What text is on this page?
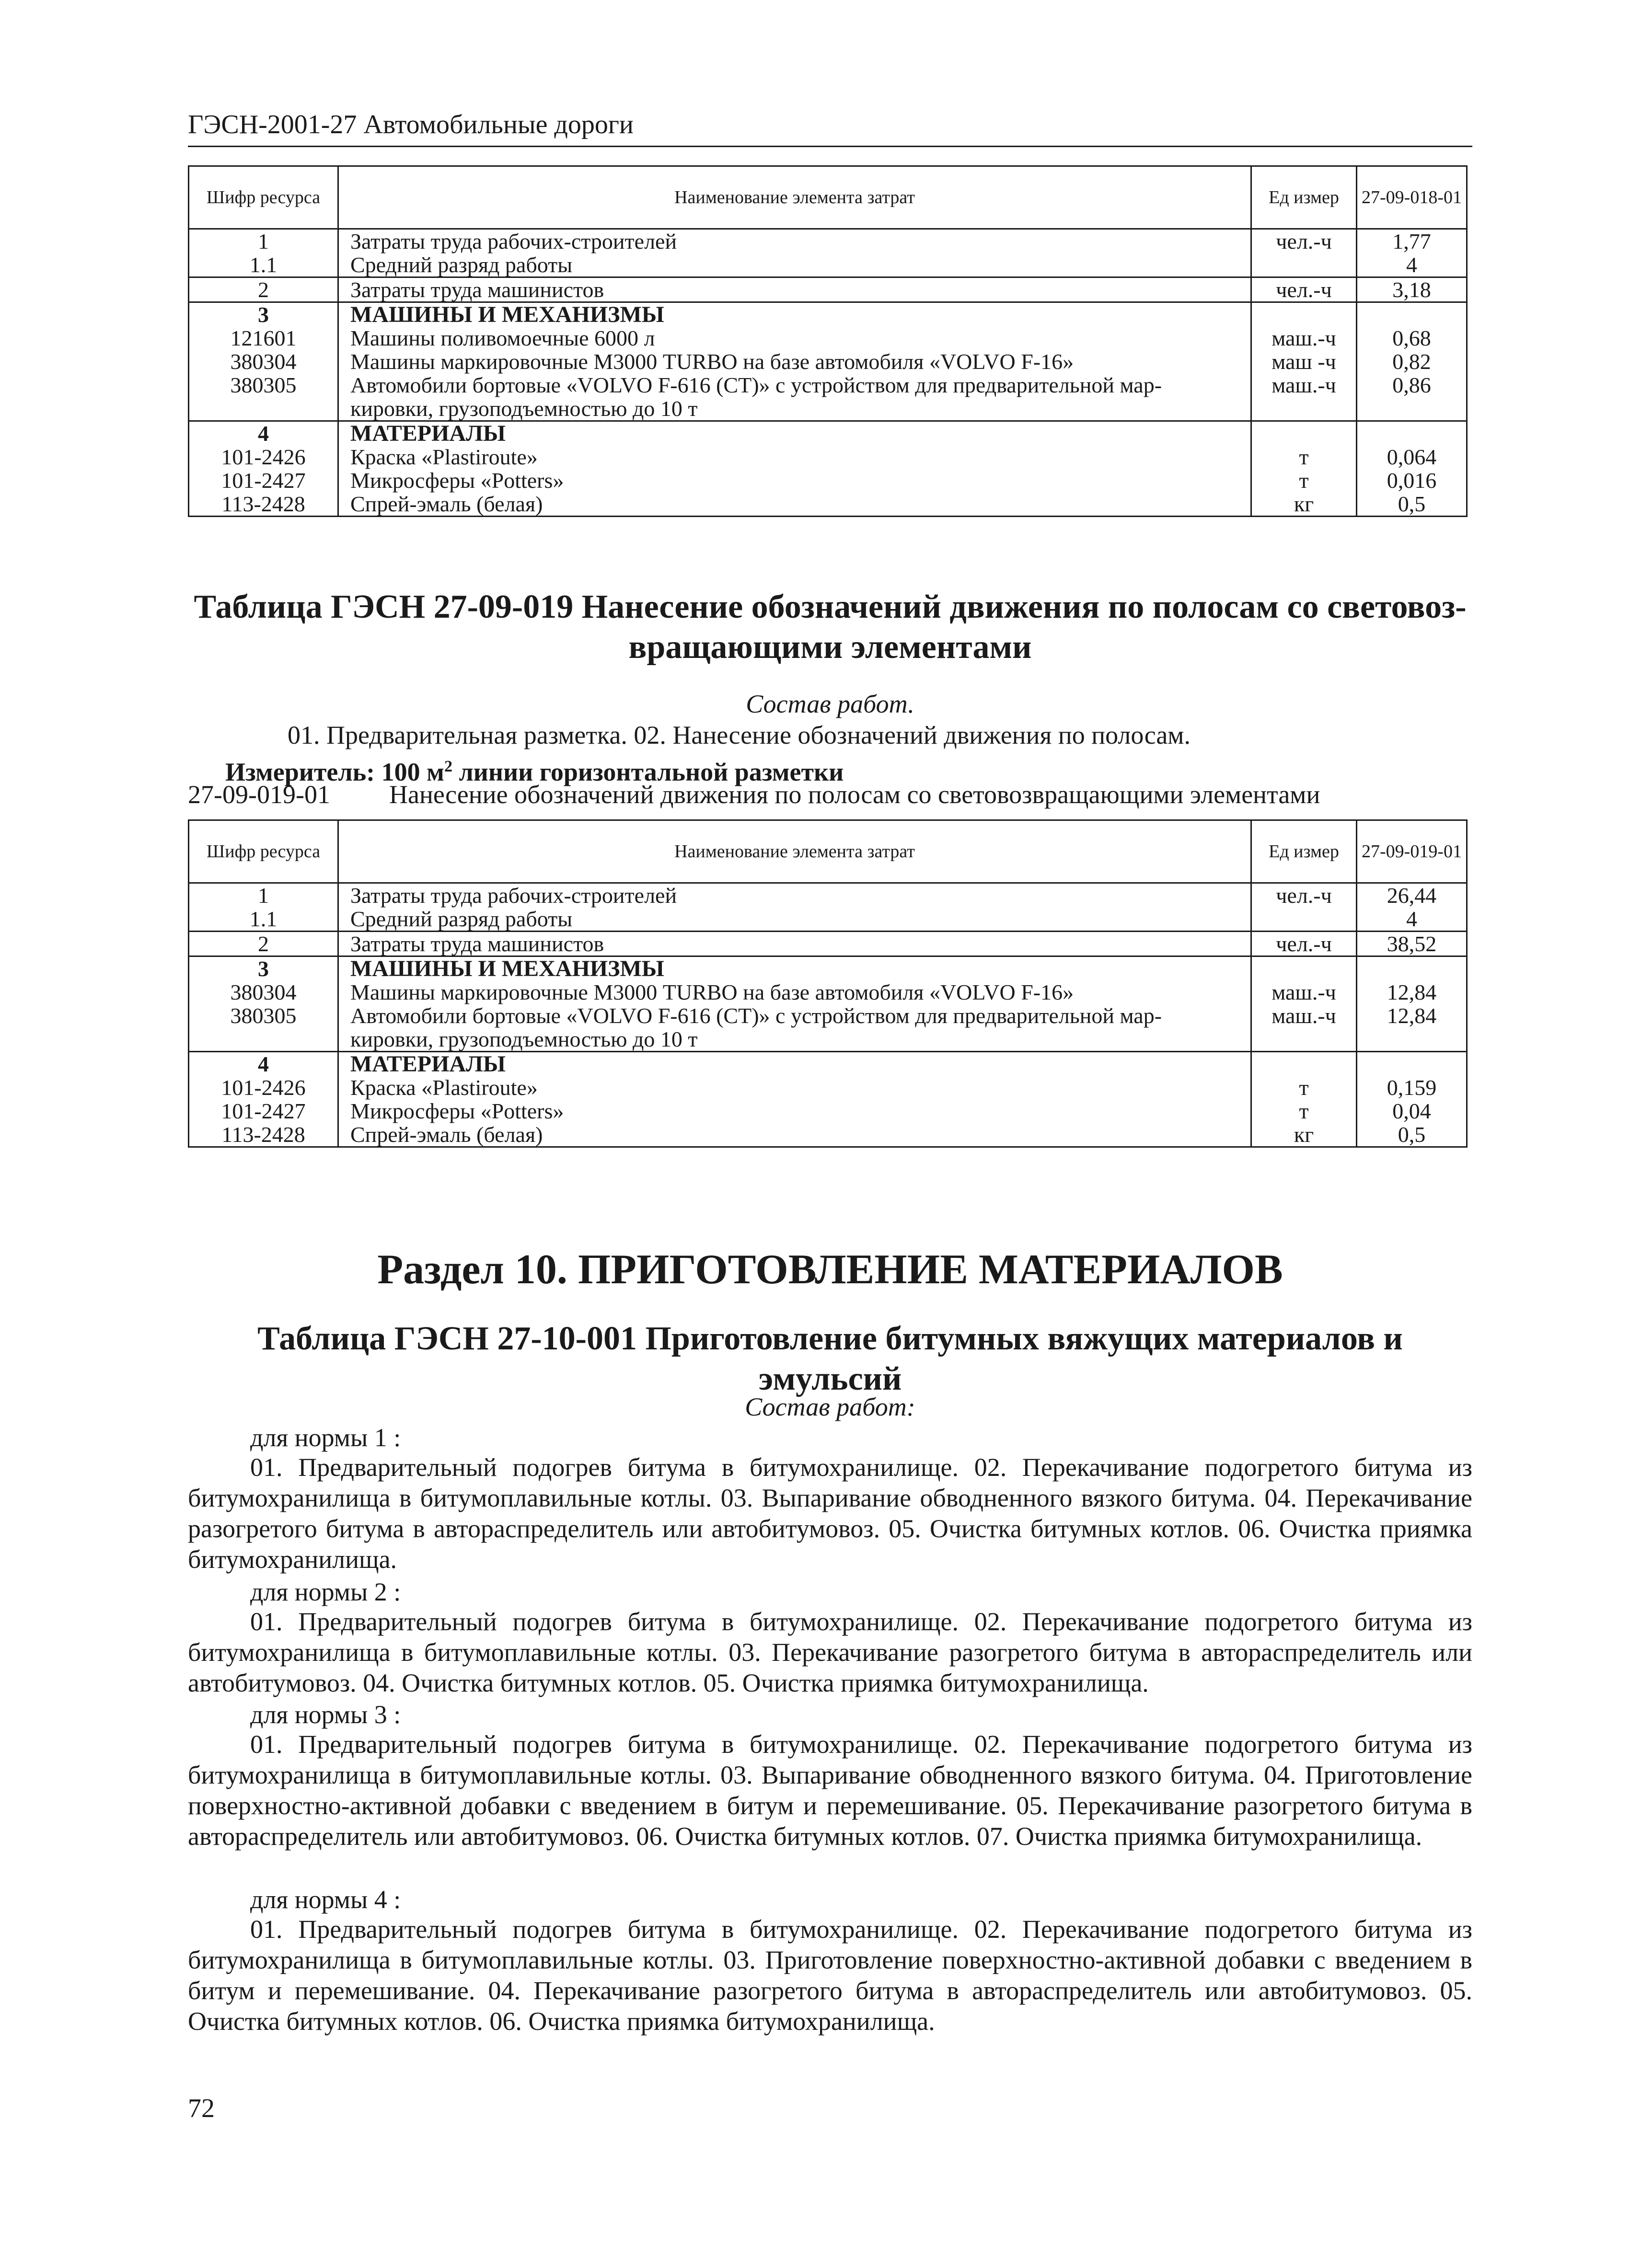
ГЭСН-2001-27 Автомобильные дороги
Шифр ресурса	Наименование элемента затрат	Ед измер	27-09-018-01
1	Затраты труда рабочих-строителей	чел.-ч	1,77
1.1	Средний разряд работы		4
2	Затраты труда машинистов	чел.-ч	3,18
3	МАШИНЫ И МЕХАНИЗМЫ		
121601	Машины поливомоечные 6000 л	маш.-ч	0,68
380304	Машины маркировочные М3000 TURBO на базе автомобиля «VOLVO F-16»	маш -ч	0,82
380305	Автомобили бортовые «VOLVO F-616 (СТ)» с устройством для предварительной мар-	маш.-ч	0,86
	кировки, грузоподъемностью до 10 т		
4	МАТЕРИАЛЫ		
101-2426	Краска «Plastiroute»	т	0,064
101-2427	Микросферы «Potters»	т	0,016
113-2428	Спрей-эмаль (белая)	кг	0,5
Таблица ГЭСН 27-09-019 Нанесение обозначений движения по полосам со световоз-
вращающими элементами
Состав работ.
01. Предварительная разметка. 02. Нанесение обозначений движения по полосам.
Измеритель: 100 $м^2$ линии горизонтальной разметки
27-09-019-01 Нанесение обозначений движения по полосам со световозвращающими элементами
Шифр ресурса	Наименование элемента затрат	Ед измер	27-09-019-01
1	Затраты труда рабочих-строителей	чел.-ч	26,44
1.1	Средний разряд работы		4
2	Затраты труда машинистов	чел.-ч	38,52
3	МАШИНЫ И МЕХАНИЗМЫ		
380304	Машины маркировочные М3000 TURBO на базе автомобиля «VOLVO F-16»	маш.-ч	12,84
380305	Автомобили бортовые «VOLVO F-616 (СТ)» с устройством для предварительной мар-	маш.-ч	12,84
	кировки, грузоподъемностью до 10 т		
4	МАТЕРИАЛЫ		
101-2426	Краска «Plastiroute»	т	0,159
101-2427	Микросферы «Potters»	т	0,04
113-2428	Спрей-эмаль (белая)	кг	0,5
Раздел 10. ПРИГОТОВЛЕНИЕ МАТЕРИАЛОВ
Таблица ГЭСН 27-10-001 Приготовление битумных вяжущих материалов и эмульсий
Состав работ:
для нормы 1 :
01. Предварительный подогрев битума в битумохранилище. 02. Перекачивание подогретого битума из битумохранилища в битумоплавильные котлы. 03. Выпаривание обводненного вязкого битума. 04. Перекачивание разогретого битума в автораспределитель или автобитумовоз. 05. Очистка битумных котлов. 06. Очистка приямка битумохранилища.
для нормы 2 :
01. Предварительный подогрев битума в битумохранилище. 02. Перекачивание подогретого битума из битумохранилища в битумоплавильные котлы. 03. Перекачивание разогретого битума в автораспределитель или автобитумовоз. 04. Очистка битумных котлов. 05. Очистка приямка битумохранилища.
для нормы 3 :
01. Предварительный подогрев битума в битумохранилище. 02. Перекачивание подогретого битума из битумохранилища в битумоплавильные котлы. 03. Выпаривание обводненного вязкого битума. 04. Приготовление поверхностно-активной добавки с введением в битум и перемешивание. 05. Перекачивание разогретого битума в автораспределитель или автобитумовоз. 06. Очистка битумных котлов. 07. Очистка приямка битумохранилища.
для нормы 4 :
01. Предварительный подогрев битума в битумохранилище. 02. Перекачивание подогретого битума из битумохранилища в битумоплавильные котлы. 03. Приготовление поверхностно-активной добавки с введением в битум и перемешивание. 04. Перекачивание разогретого битума в автораспределитель или автобитумовоз. 05. Очистка битумных котлов. 06. Очистка приямка битумохранилища.
72
